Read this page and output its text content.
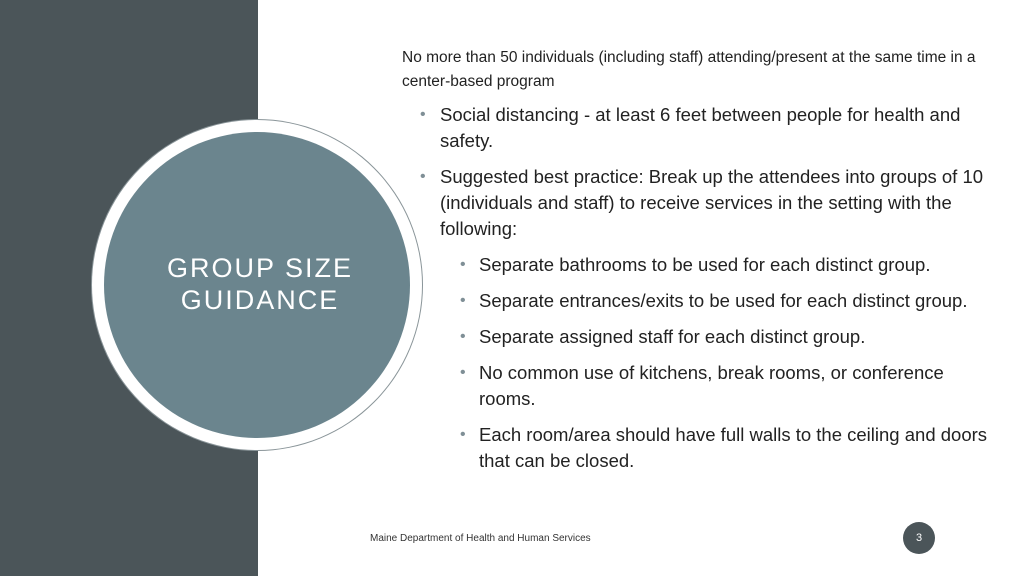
GROUP SIZE GUIDANCE

No more than 50 individuals (including staff) attending/present at the same time in a center-based program

• Social distancing - at least 6 feet between people for health and safety.
• Suggested best practice: Break up the attendees into groups of 10 (individuals and staff) to receive services in the setting with the following:
• Separate bathrooms to be used for each distinct group.
• Separate entrances/exits to be used for each distinct group.
• Separate assigned staff for each distinct group.
• No common use of kitchens, break rooms, or conference rooms.
• Each room/area should have full walls to the ceiling and doors that can be closed.
Maine Department of Health and Human Services	3
